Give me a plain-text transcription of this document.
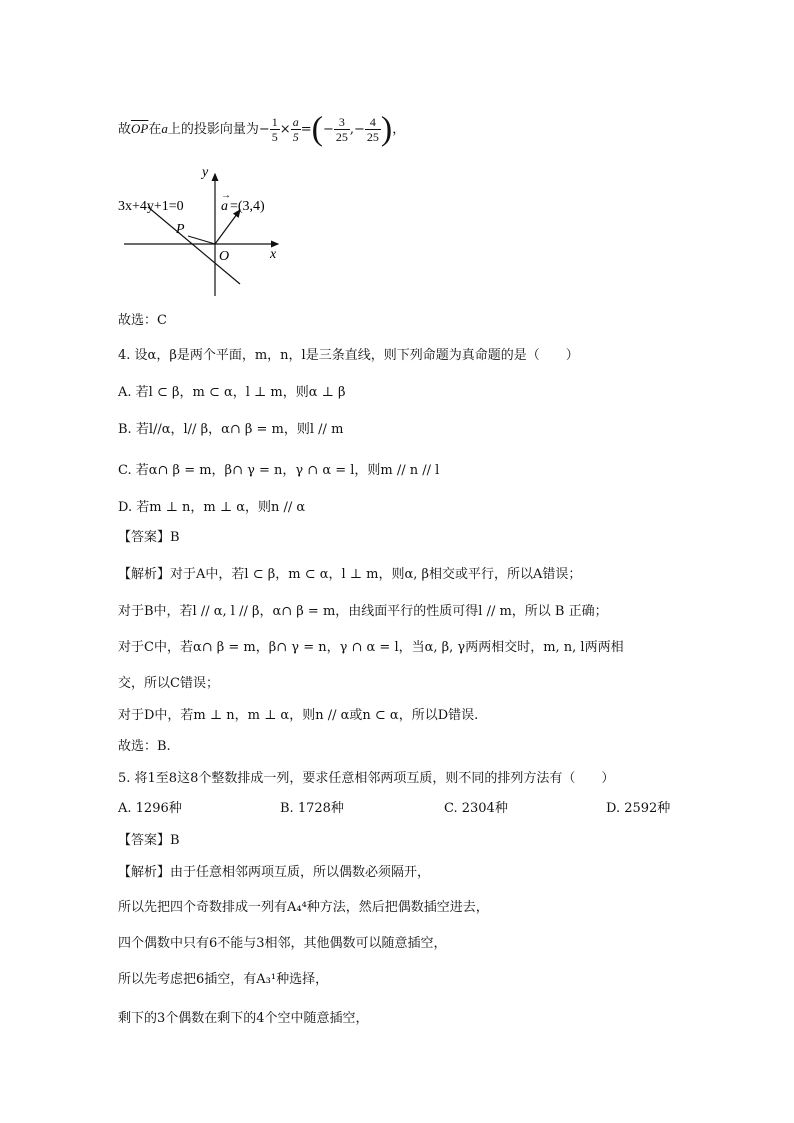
故$\overline{OP}$在a上的投影向量为− $\frac{1}{5} \times \frac{a}{5}$ =(− $\frac{3}{25}$ ,− $\frac{4}{25}$ )，
y
x
O
P
3x+4y+1=0	a
→
=(3,4)
故选：C
4. 设α，β是两个平面，m，n，l是三条直线，则下列命题为真命题的是（　　）
A. 若l ⊂ β，m ⊂ α，l ⊥ m，则α ⊥ β
B. 若l//α，l// β，α∩ β = m，则l // m
C. 若α∩ β = m，β∩ γ = n，γ ∩ α = l，则m // n // l
D. 若m ⊥ n，m ⊥ α，则n // α
【答案】B
【解析】对于A中，若l ⊂ β，m ⊂ α，l ⊥ m，则α, β相交或平行，所以A错误；
对于B中，若l // α, l // β，α∩ β = m，由线面平行的性质可得l // m，所以 B 正确；
对于C中，若α∩ β = m，β∩ γ = n，γ ∩ α = l，当α, β, γ两两相交时，m, n, l两两相
交，所以C错误；
对于D中，若m ⊥ n，m ⊥ α，则n // α或n ⊂ α，所以D错误.
故选：B.
5. 将1至8这8个整数排成一列，要求任意相邻两项互质，则不同的排列方法有（　　）
A. 1296种	B. 1728种	C. 2304种	D. 2592种
【答案】B
【解析】由于任意相邻两项互质，所以偶数必须隔开，
所以先把四个奇数排成一列有A₄⁴种方法，然后把偶数插空进去，
四个偶数中只有6不能与3相邻，其他偶数可以随意插空，
所以先考虑把6插空，有A₃¹种选择，
剩下的3个偶数在剩下的4个空中随意插空，
